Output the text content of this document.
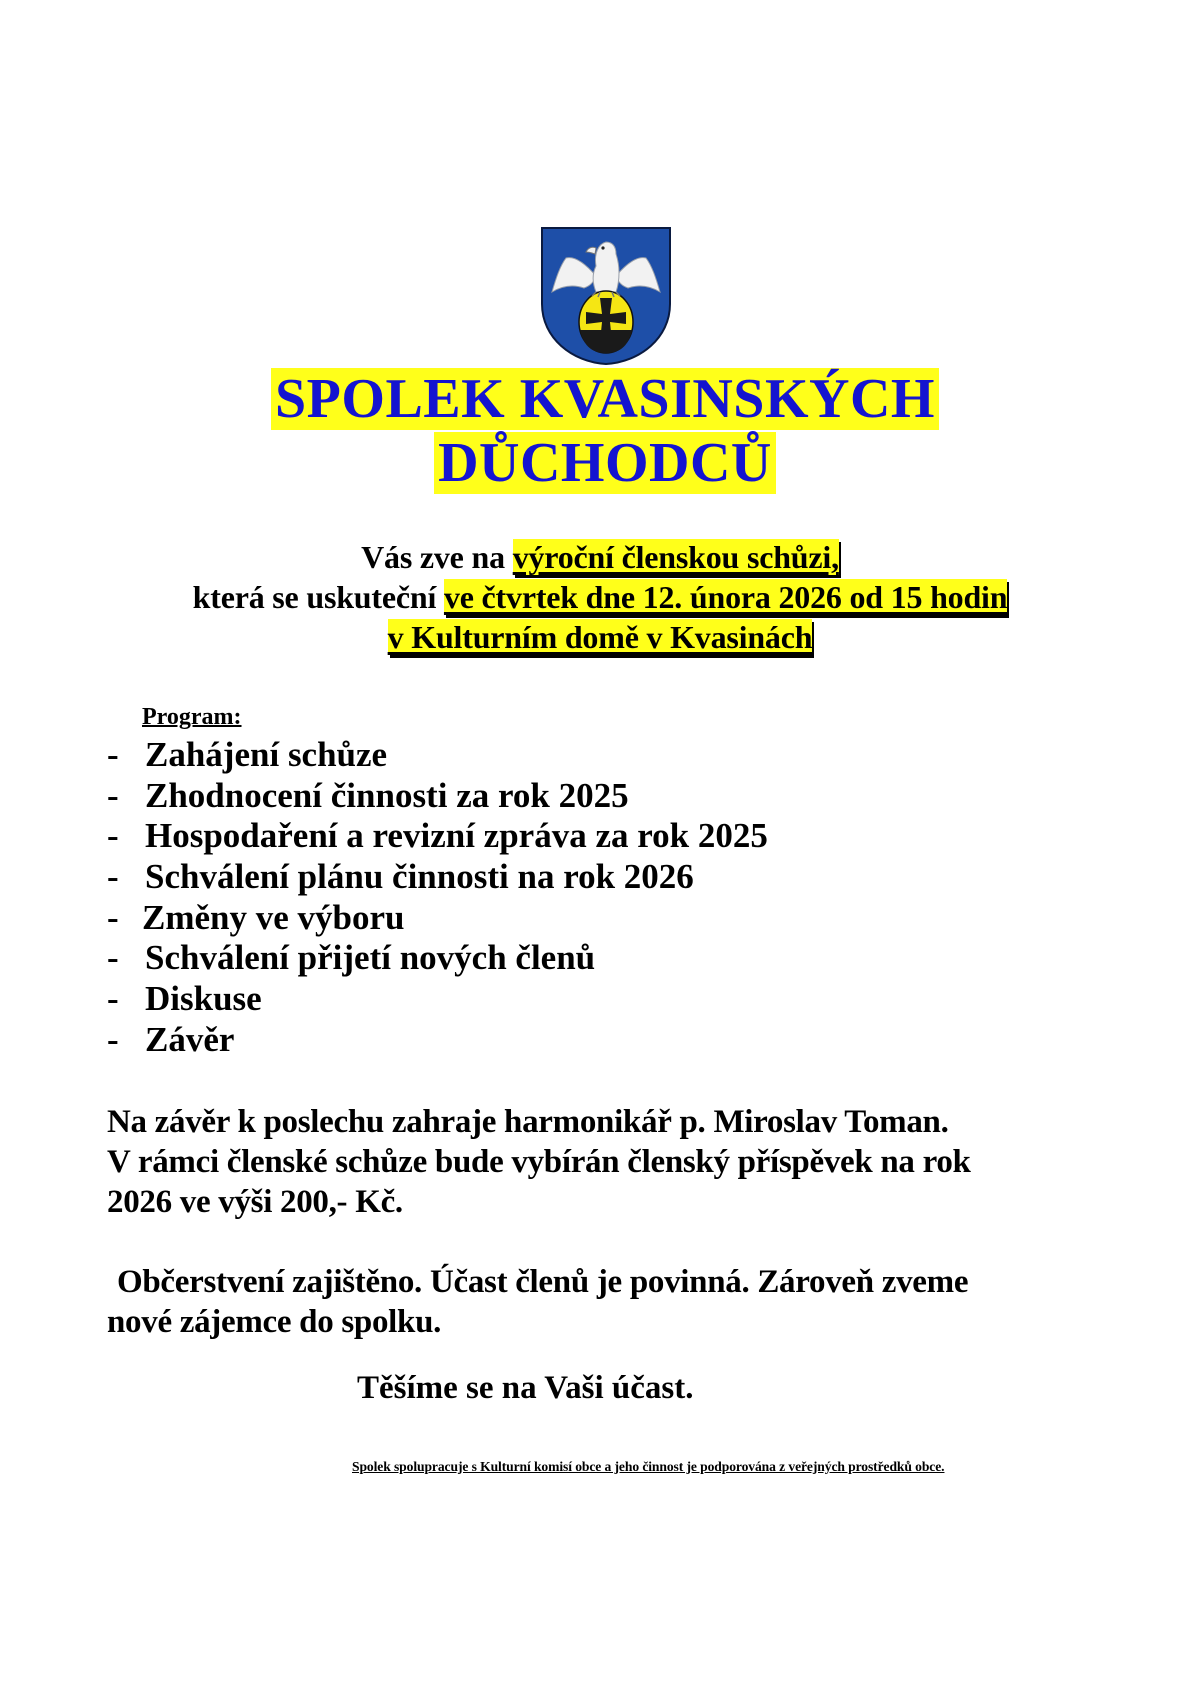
SPOLEK KVASINSKÝCH
DŮCHODCŮ
Vás zve na výroční členskou schůzi,
která se uskuteční ve čtvrtek dne 12. února 2026 od 15 hodin
v Kulturním domě v Kvasinách
Program:
- Zahájení schůze
- Zhodnocení činnosti za rok 2025
- Hospodaření a revizní zpráva za rok 2025
- Schválení plánu činnosti na rok 2026
- Změny ve výboru
- Schválení přijetí nových členů
- Diskuse
- Závěr
Na závěr k poslechu zahraje harmonikář p. Miroslav Toman.
V rámci členské schůze bude vybírán členský příspěvek na rok
2026 ve výši 200,- Kč.
Občerstvení zajištěno. Účast členů je povinná. Zároveň zveme
nové zájemce do spolku.
Těšíme se na Vaši účast.
Spolek spolupracuje s Kulturní komisí obce a jeho činnost je podporována z veřejných prostředků obce.
